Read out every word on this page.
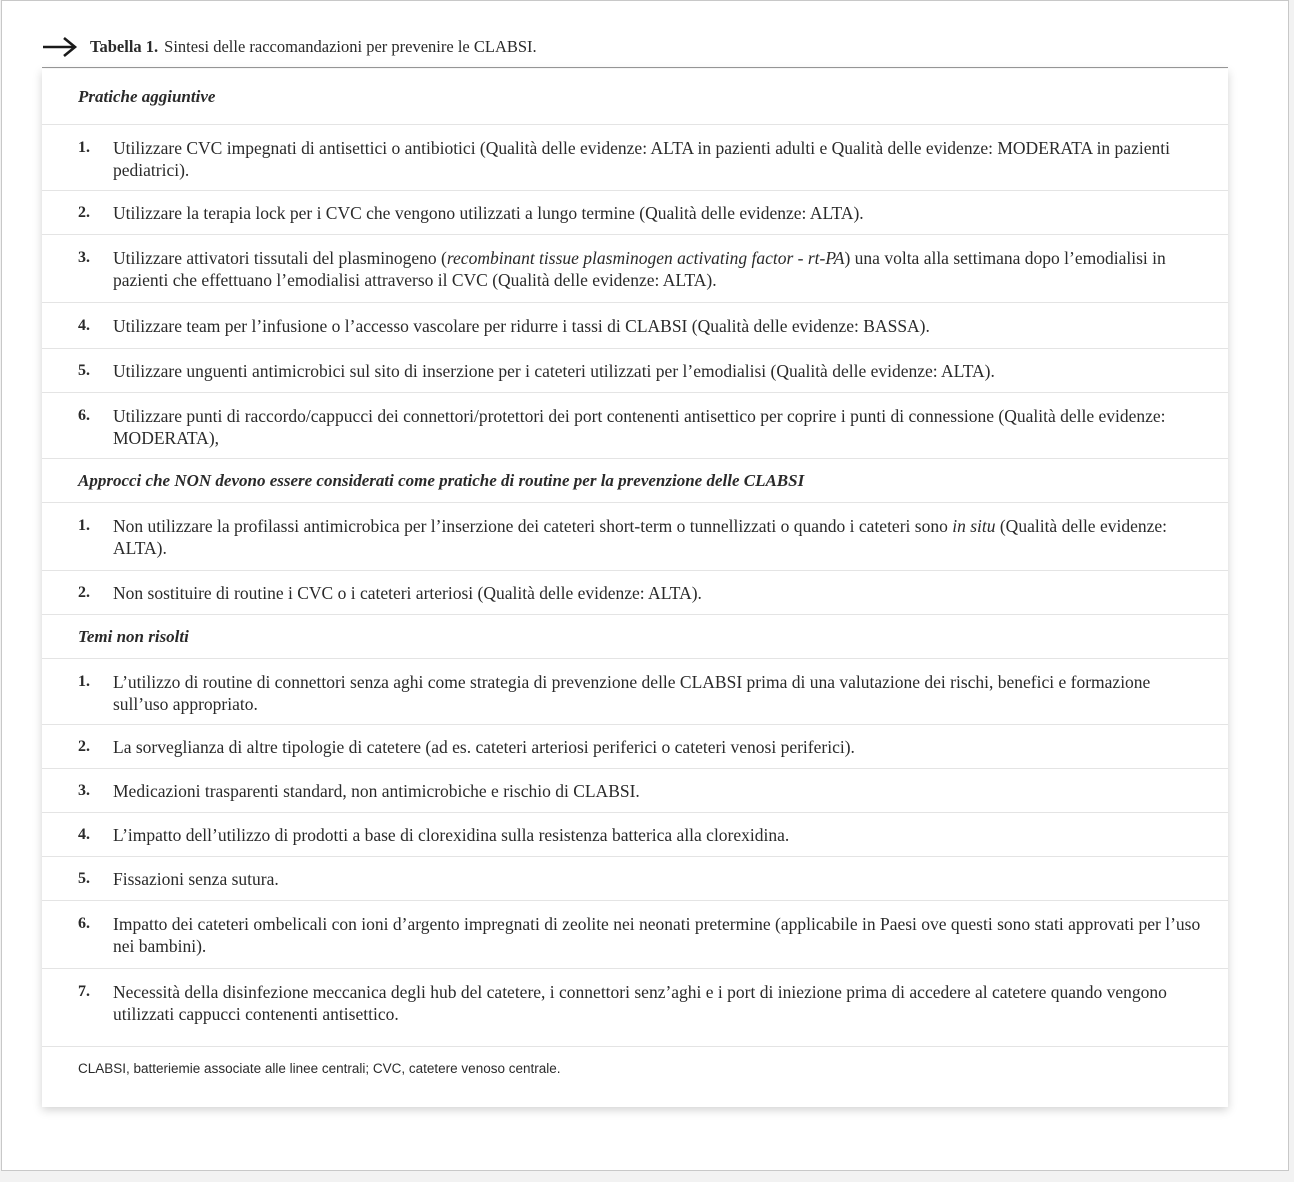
Tabella 1. Sintesi delle raccomandazioni per prevenire le CLABSI.
Pratiche aggiuntive
1. Utilizzare CVC impegnati di antisettici o antibiotici (Qualità delle evidenze: ALTA in pazienti adulti e Qualità delle evidenze: MODERATA in pazienti pediatrici).
2. Utilizzare la terapia lock per i CVC che vengono utilizzati a lungo termine (Qualità delle evidenze: ALTA).
3. Utilizzare attivatori tissutali del plasminogeno (recombinant tissue plasminogen activating factor - rt-PA) una volta alla settimana dopo l’emodialisi in pazienti che effettuano l’emodialisi attraverso il CVC (Qualità delle evidenze: ALTA).
4. Utilizzare team per l’infusione o l’accesso vascolare per ridurre i tassi di CLABSI (Qualità delle evidenze: BASSA).
5. Utilizzare unguenti antimicrobici sul sito di inserzione per i cateteri utilizzati per l’emodialisi (Qualità delle evidenze: ALTA).
6. Utilizzare punti di raccordo/cappucci dei connettori/protettori dei port contenenti antisettico per coprire i punti di connessione (Qualità delle evidenze: MODERATA),
Approcci che NON devono essere considerati come pratiche di routine per la prevenzione delle CLABSI
1. Non utilizzare la profilassi antimicrobica per l’inserzione dei cateteri short-term o tunnellizzati o quando i cateteri sono in situ (Qualità delle evidenze: ALTA).
2. Non sostituire di routine i CVC o i cateteri arteriosi (Qualità delle evidenze: ALTA).
Temi non risolti
1. L’utilizzo di routine di connettori senza aghi come strategia di prevenzione delle CLABSI prima di una valutazione dei rischi, benefici e formazione sull’uso appropriato.
2. La sorveglianza di altre tipologie di catetere (ad es. cateteri arteriosi periferici o cateteri venosi periferici).
3. Medicazioni trasparenti standard, non antimicrobiche e rischio di CLABSI.
4. L’impatto dell’utilizzo di prodotti a base di clorexidina sulla resistenza batterica alla clorexidina.
5. Fissazioni senza sutura.
6. Impatto dei cateteri ombelicali con ioni d’argento impregnati di zeolite nei neonati pretermine (applicabile in Paesi ove questi sono stati approvati per l’uso nei bambini).
7. Necessità della disinfezione meccanica degli hub del catetere, i connettori senz’aghi e i port di iniezione prima di accedere al catetere quando vengono utilizzati cappucci contenenti antisettico.
CLABSI, batteriemie associate alle linee centrali; CVC, catetere venoso centrale.
